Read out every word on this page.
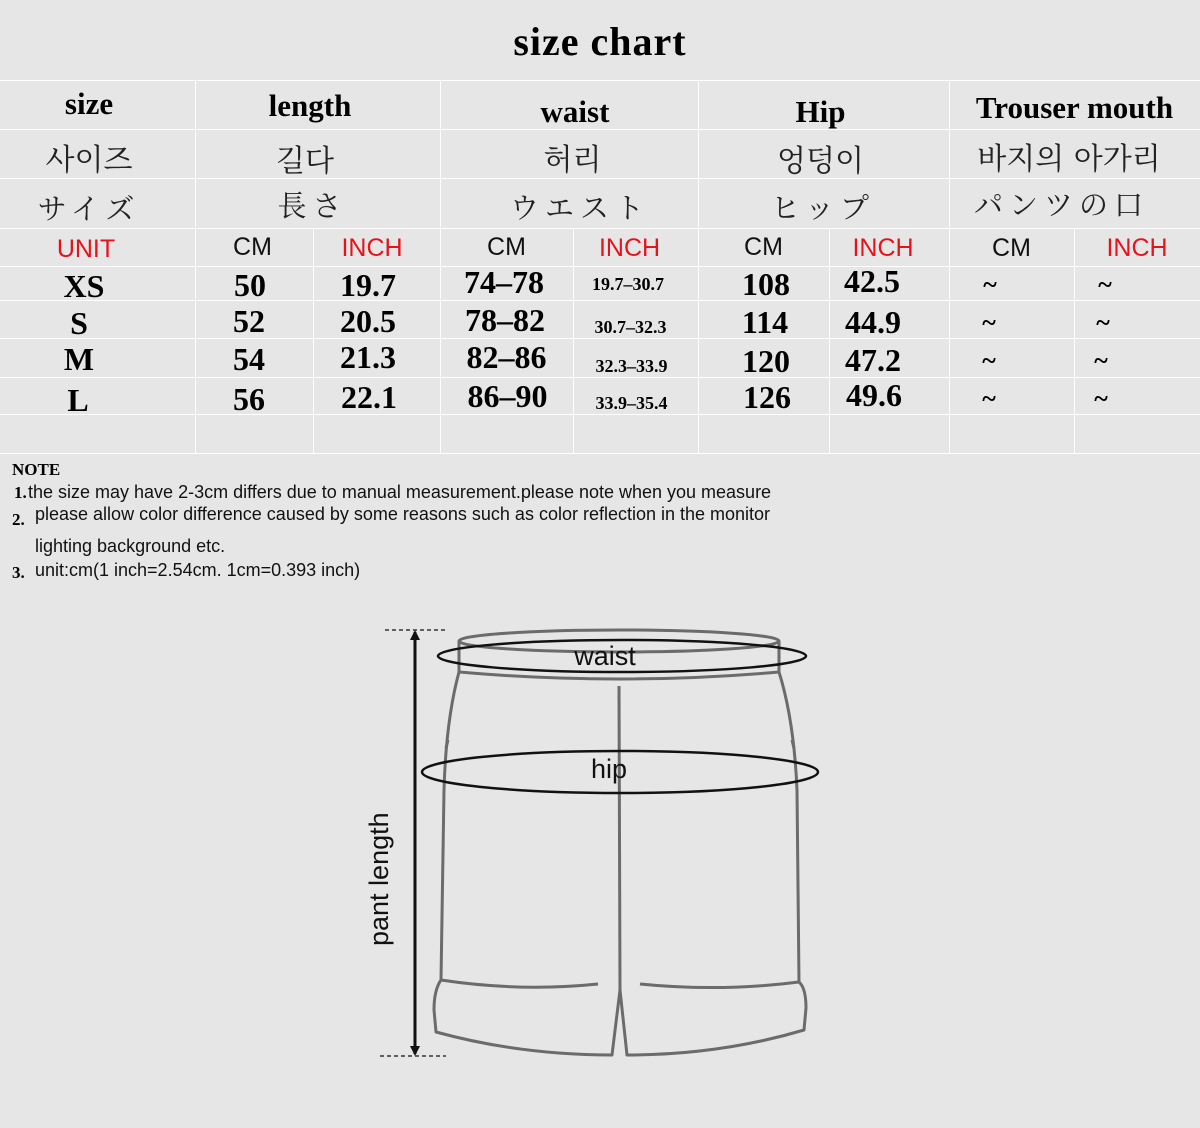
size chart
size	length	waist	Hip	Trouser mouth
사이즈	길다	허리	엉덩이	바지의 아가리
サイズ	長さ	ウエスト	ヒップ	パンツの口
UNIT	CM	INCH	CM	INCH	CM	INCH	CM	INCH
XS	50	19.7	74–78	19.7–30.7	108	42.5	~	~
S	52	20.5	78–82	30.7–32.3	114	44.9	~	~
M	54	21.3	82–86	32.3–33.9	120	47.2	~	~
L	56	22.1	86–90	33.9–35.4	126	49.6	~	~
NOTE
1. the size may have 2-3cm differs due to manual measurement.please note when you measure
2. please allow color difference caused by some reasons such as color reflection in the monitor
lighting background etc.
3. unit:cm(1 inch=2.54cm. 1cm=0.393 inch)
pant length
waist
hip
